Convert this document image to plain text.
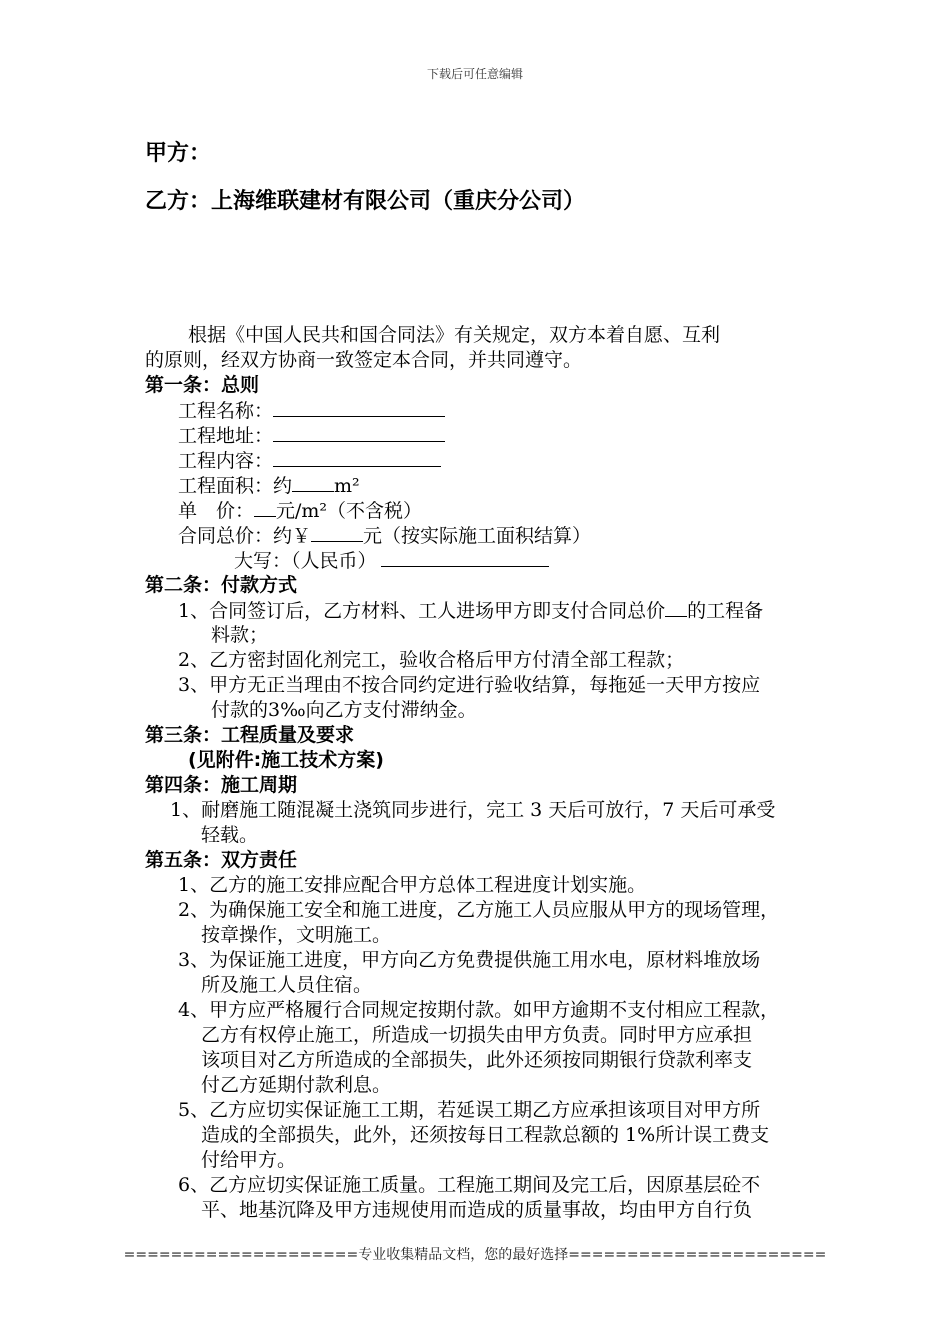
下载后可任意编辑
甲方：
乙方：上海维联建材有限公司（重庆分公司）
根据《中国人民共和国合同法》有关规定，双方本着自愿、互利
的原则，经双方协商一致签定本合同，并共同遵守。
第一条：总则
工程名称：
工程地址：
工程内容：
工程面积：约 m²
单　价： 元/m²（不含税）
合同总价：约￥	元（按实际施工面积结算）
大写：（人民币）
第二条：付款方式
1、合同签订后，乙方材料、工人进场甲方即支付合同总价 的工程备
料款；
2、乙方密封固化剂完工，验收合格后甲方付清全部工程款；
3、甲方无正当理由不按合同约定进行验收结算，每拖延一天甲方按应
付款的3‰向乙方支付滞纳金。
第三条：工程质量及要求
(见附件:施工技术方案)
第四条：施工周期
1、耐磨施工随混凝土浇筑同步进行，完工 3 天后可放行，7 天后可承受
轻载。
第五条：双方责任
1、乙方的施工安排应配合甲方总体工程进度计划实施。
2、为确保施工安全和施工进度，乙方施工人员应服从甲方的现场管理，
按章操作，文明施工。
3、为保证施工进度，甲方向乙方免费提供施工用水电，原材料堆放场
所及施工人员住宿。
4、甲方应严格履行合同规定按期付款。如甲方逾期不支付相应工程款，
乙方有权停止施工，所造成一切损失由甲方负责。同时甲方应承担
该项目对乙方所造成的全部损失，此外还须按同期银行贷款利率支
付乙方延期付款利息。
5、乙方应切实保证施工工期，若延误工期乙方应承担该项目对甲方所
造成的全部损失，此外，还须按每日工程款总额的 1%所计误工费支
付给甲方。
6、乙方应切实保证施工质量。工程施工期间及完工后，因原基层砼不
平、地基沉降及甲方违规使用而造成的质量事故，均由甲方自行负
====================专业收集精品文档，您的最好选择======================
